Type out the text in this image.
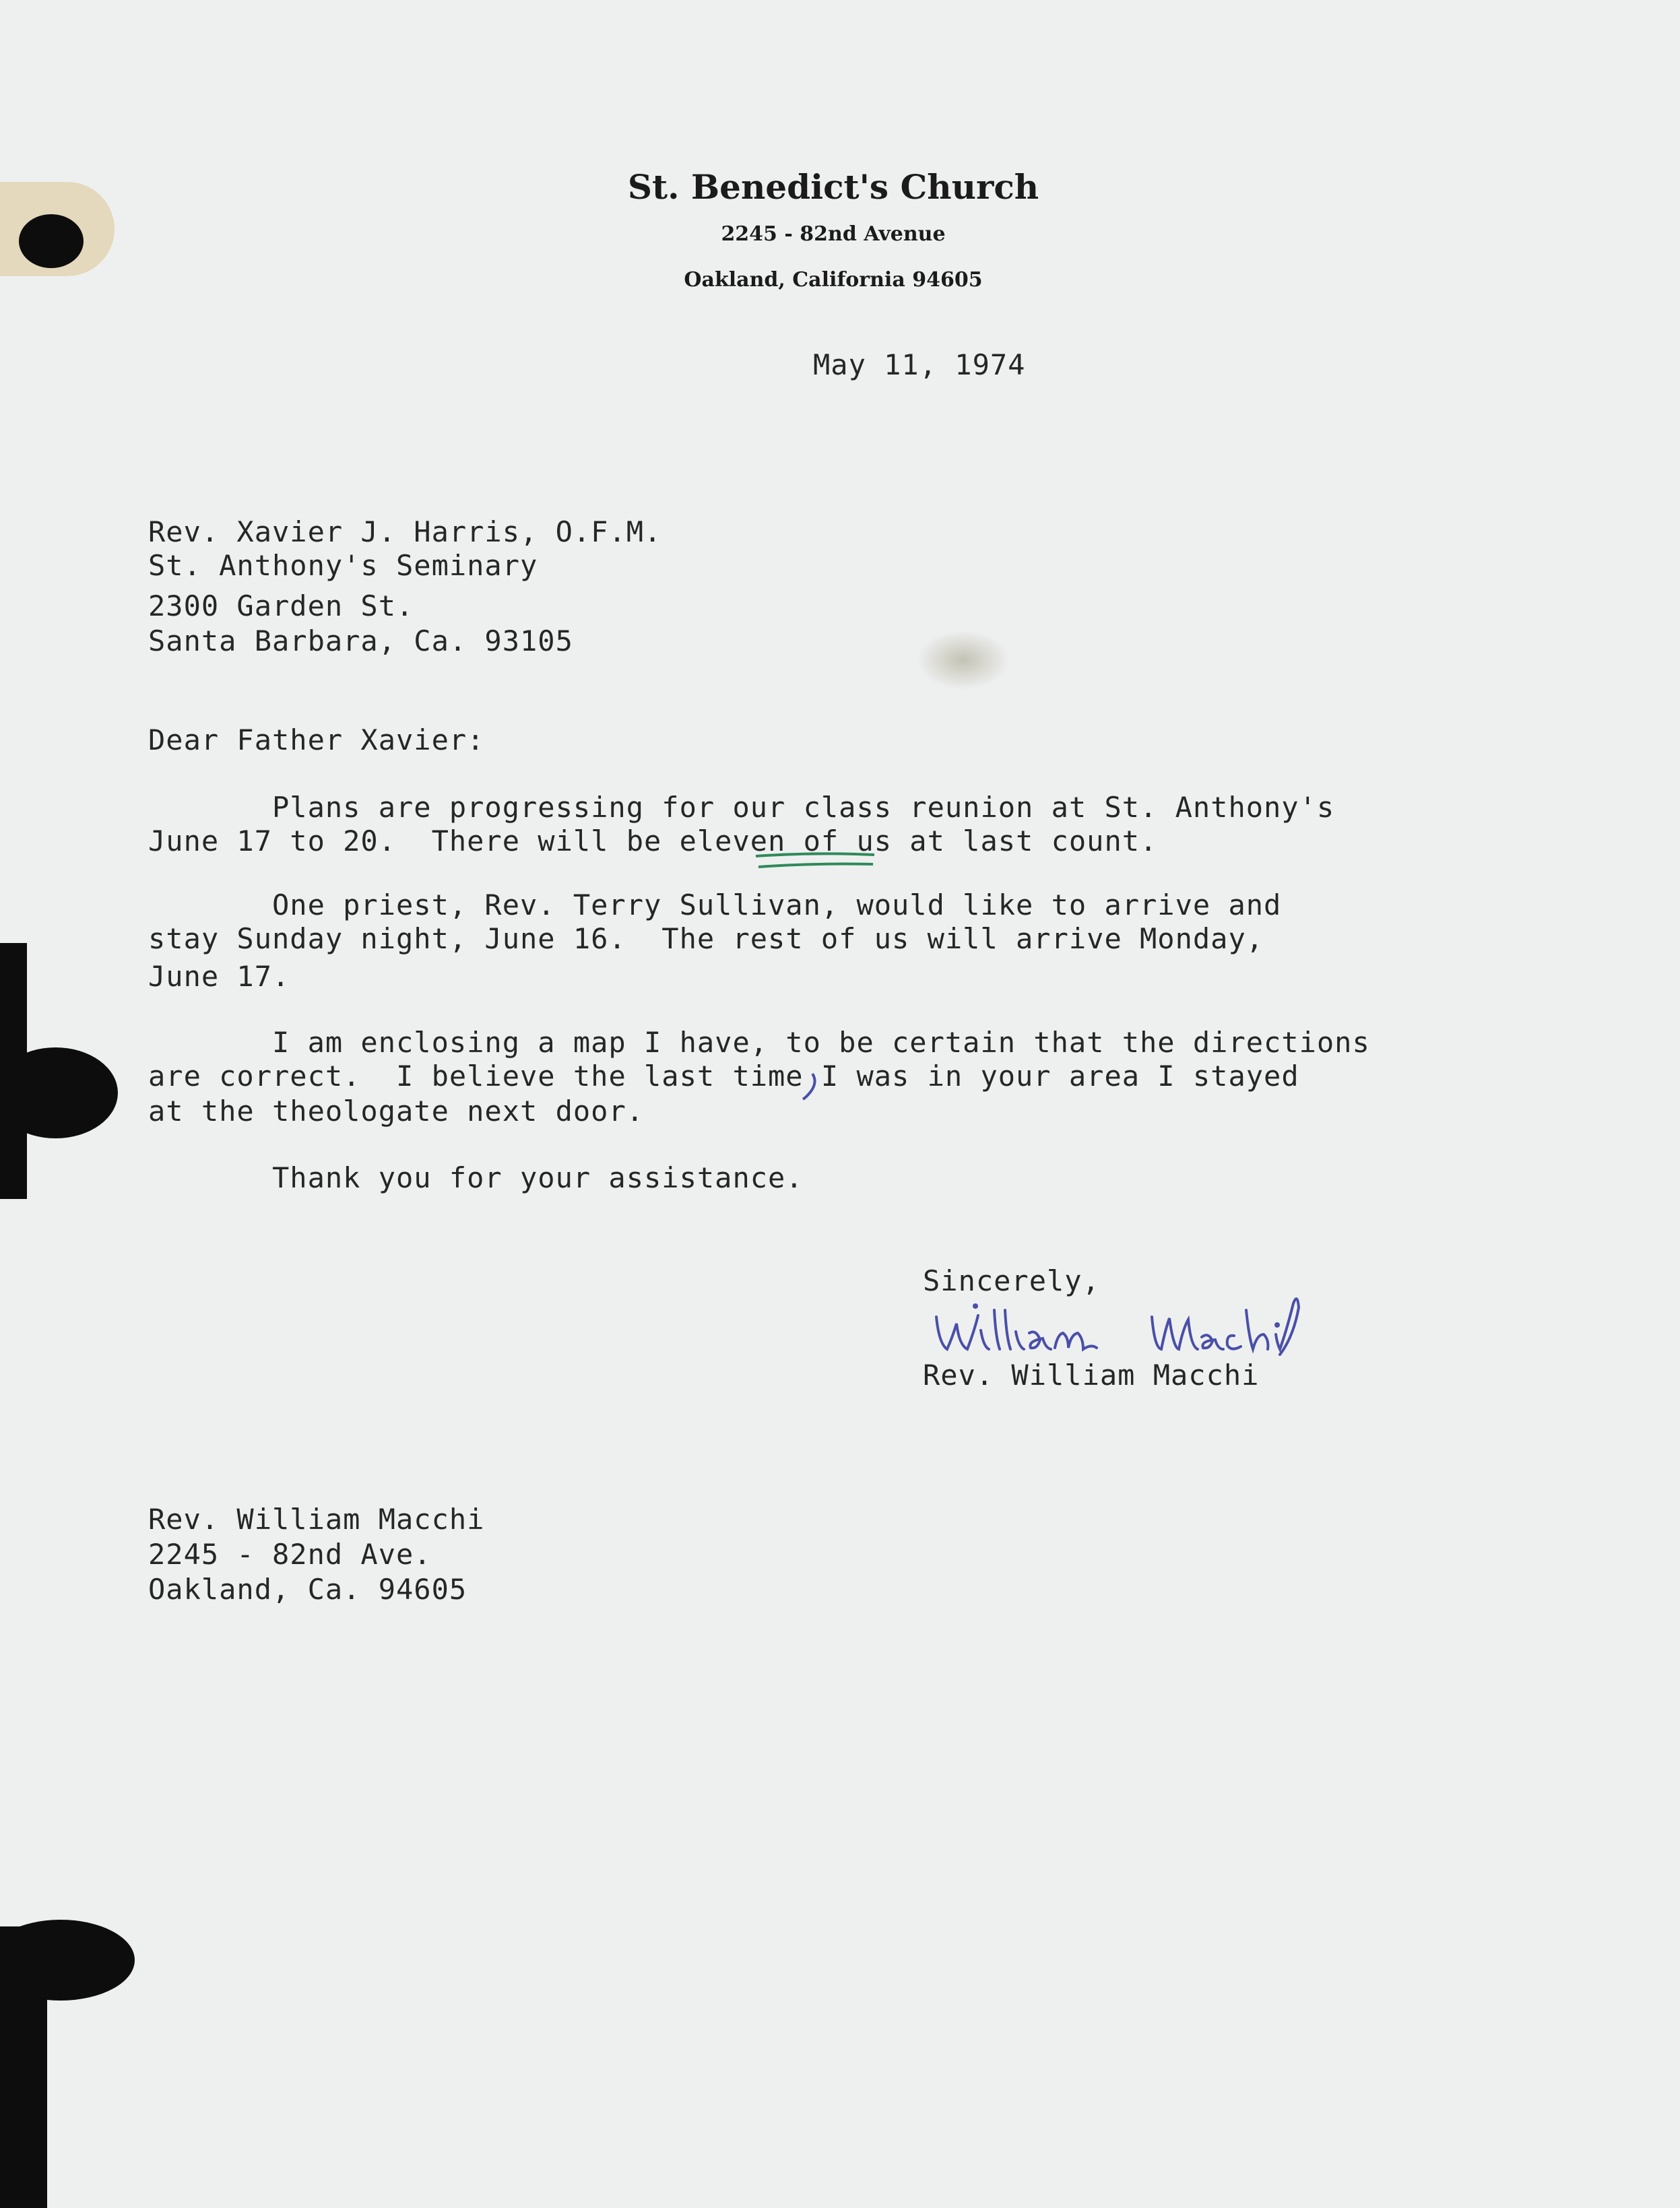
St. Benedict's Church
2245 - 82nd Avenue
Oakland, California 94605
May 11, 1974
Rev. Xavier J. Harris, O.F.M.
St. Anthony's Seminary
2300 Garden St.
Santa Barbara, Ca. 93105
Dear Father Xavier:
Plans are progressing for our class reunion at St. Anthony's
June 17 to 20.  There will be eleven of us at last count.
One priest, Rev. Terry Sullivan, would like to arrive and
stay Sunday night, June 16.  The rest of us will arrive Monday,
June 17.
I am enclosing a map I have, to be certain that the directions
are correct.  I believe the last time I was in your area I stayed
at the theologate next door.
Thank you for your assistance.
Sincerely,
Rev. William Macchi
Rev. William Macchi
2245 - 82nd Ave.
Oakland, Ca. 94605
